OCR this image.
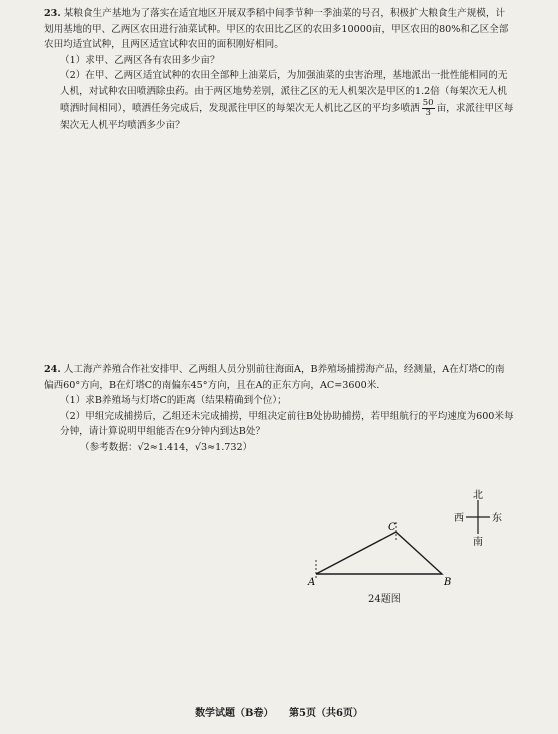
23. 某粮食生产基地为了落实在适宜地区开展双季稻中间季节种一季油菜的号召，积极扩大粮食生产规模，计划用基地的甲、乙两区农田进行油菜试种。甲区的农田比乙区的农田多10000亩，甲区农田的80%和乙区全部农田均适宜试种，且两区适宜试种农田的面积刚好相同。

（1）求甲、乙两区各有农田多少亩？

（2）在甲、乙两区适宜试种的农田全部种上油菜后，为加强油菜的虫害治理，基地派出一批性能相同的无人机，对试种农田喷洒除虫药。由于两区地势差别，派往乙区的无人机架次是甲区的1.2倍（每架次无人机喷洒时间相同），喷洒任务完成后，发现派往甲区的每架次无人机比乙区的平均多喷洒 $\frac{50}{3}$ 亩，求派往甲区每架次无人机平均喷洒多少亩？

24. 人工海产养殖合作社安排甲、乙两组人员分别前往海面A，B养殖场捕捞海产品，经测量，A在灯塔C的南偏西60°方向，B在灯塔C的南偏东45°方向，且在A的正东方向，AC=3600米.

（1）求B养殖场与灯塔C的距离（结果精确到个位）；

（2）甲组完成捕捞后，乙组还未完成捕捞，甲组决定前往B处协助捕捞，若甲组航行的平均速度为600米每分钟，请计算说明甲组能否在9分钟内到达B处？

（参考数据：√2≈1.414，√3≈1.732）

A	B
C
24题图
北
南
西	东
数学试题（B卷） 第5页（共6页）
